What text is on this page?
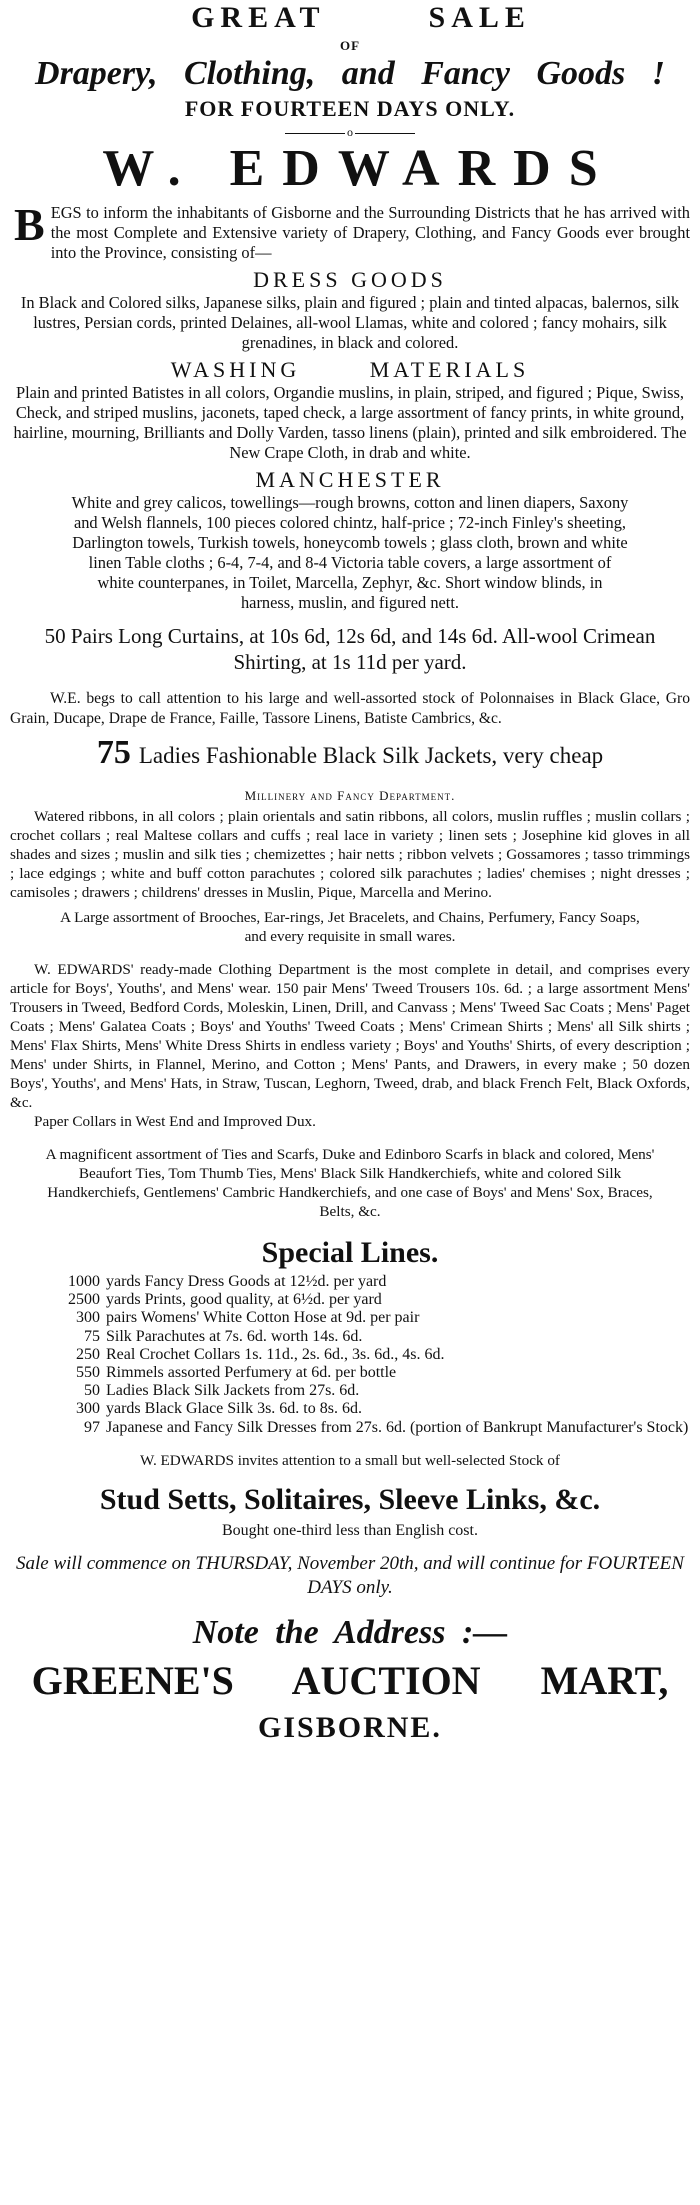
GREAT SALE

OF

Drapery, Clothing, and Fancy Goods !

FOR FOURTEEN DAYS ONLY.

o

W. EDWARDS

B EGS to inform the inhabitants of Gisborne and the Surrounding Districts that he has arrived with the most Complete and Extensive variety of Drapery, Clothing, and Fancy Goods ever brought into the Province, consisting of—

DRESS GOODS

In Black and Colored silks, Japanese silks, plain and figured ; plain and tinted alpacas, balernos, silk lustres, Persian cords, printed Delaines, all-wool Llamas, white and colored ; fancy mohairs, silk grenadines, in black and colored.

WASHING MATERIALS

Plain and printed Batistes in all colors, Organdie muslins, in plain, striped, and figured ; Pique, Swiss, Check, and striped muslins, jaconets, taped check, a large assortment of fancy prints, in white ground, hairline, mourning, Brilliants and Dolly Varden, tasso linens (plain), printed and silk embroidered. The New Crape Cloth, in drab and white.

MANCHESTER

White and grey calicos, towellings—rough browns, cotton and linen diapers, Saxony and Welsh flannels, 100 pieces colored chintz, half-price ; 72-inch Finley's sheeting, Darlington towels, Turkish towels, honeycomb towels ; glass cloth, brown and white linen Table cloths ; 6-4, 7-4, and 8-4 Victoria table covers, a large assortment of white counterpanes, in Toilet, Marcella, Zephyr, &c. Short window blinds, in harness, muslin, and figured nett.

50 Pairs Long Curtains, at 10s 6d, 12s 6d, and 14s 6d. All-wool Crimean Shirting, at 1s 11d per yard.

W.E. begs to call attention to his large and well-assorted stock of Polonnaises in Black Glace, Gro Grain, Ducape, Drape de France, Faille, Tassore Linens, Batiste Cambrics, &c.

75 Ladies Fashionable Black Silk Jackets, very cheap

Millinery and Fancy Department.

Watered ribbons, in all colors ; plain orientals and satin ribbons, all colors, muslin ruffles ; muslin collars ; crochet collars ; real Maltese collars and cuffs ; real lace in variety ; linen sets ; Josephine kid gloves in all shades and sizes ; muslin and silk ties ; chemizettes ; hair netts ; ribbon velvets ; Gossamores ; tasso trimmings ; lace edgings ; white and buff cotton parachutes ; colored silk parachutes ; ladies' chemises ; night dresses ; camisoles ; drawers ; childrens' dresses in Muslin, Pique, Marcella and Merino.

A Large assortment of Brooches, Ear-rings, Jet Bracelets, and Chains, Perfumery, Fancy Soaps, and every requisite in small wares.

W. EDWARDS' ready-made Clothing Department is the most complete in detail, and comprises every article for Boys', Youths', and Mens' wear. 150 pair Mens' Tweed Trousers 10s. 6d. ; a large assortment Mens' Trousers in Tweed, Bedford Cords, Moleskin, Linen, Drill, and Canvass ; Mens' Tweed Sac Coats ; Mens' Paget Coats ; Mens' Galatea Coats ; Boys' and Youths' Tweed Coats ; Mens' Crimean Shirts ; Mens' all Silk shirts ; Mens' Flax Shirts, Mens' White Dress Shirts in endless variety ; Boys' and Youths' Shirts, of every description ; Mens' under Shirts, in Flannel, Merino, and Cotton ; Mens' Pants, and Drawers, in every make ; 50 dozen Boys', Youths', and Mens' Hats, in Straw, Tuscan, Leghorn, Tweed, drab, and black French Felt, Black Oxfords, &c.

Paper Collars in West End and Improved Dux.

A magnificent assortment of Ties and Scarfs, Duke and Edinboro Scarfs in black and colored, Mens' Beaufort Ties, Tom Thumb Ties, Mens' Black Silk Handkerchiefs, white and colored Silk Handkerchiefs, Gentlemens' Cambric Handkerchiefs, and one case of Boys' and Mens' Sox, Braces, Belts, &c.

Special Lines.

1000 yards Fancy Dress Goods at 12½d. per yard
2500 yards Prints, good quality, at 6½d. per yard
300 pairs Womens' White Cotton Hose at 9d. per pair
75 Silk Parachutes at 7s. 6d. worth 14s. 6d.
250 Real Crochet Collars 1s. 11d., 2s. 6d., 3s. 6d., 4s. 6d.
550 Rimmels assorted Perfumery at 6d. per bottle
50 Ladies Black Silk Jackets from 27s. 6d.
300 yards Black Glace Silk 3s. 6d. to 8s. 6d.
97 Japanese and Fancy Silk Dresses from 27s. 6d. (portion of Bankrupt Manufacturer's Stock)

W. EDWARDS invites attention to a small but well-selected Stock of

Stud Setts, Solitaires, Sleeve Links, &c.

Bought one-third less than English cost.

Sale will commence on THURSDAY, November 20th, and will continue for FOURTEEN DAYS only.

Note the Address :—

GREENE'S AUCTION MART,

GISBORNE.
